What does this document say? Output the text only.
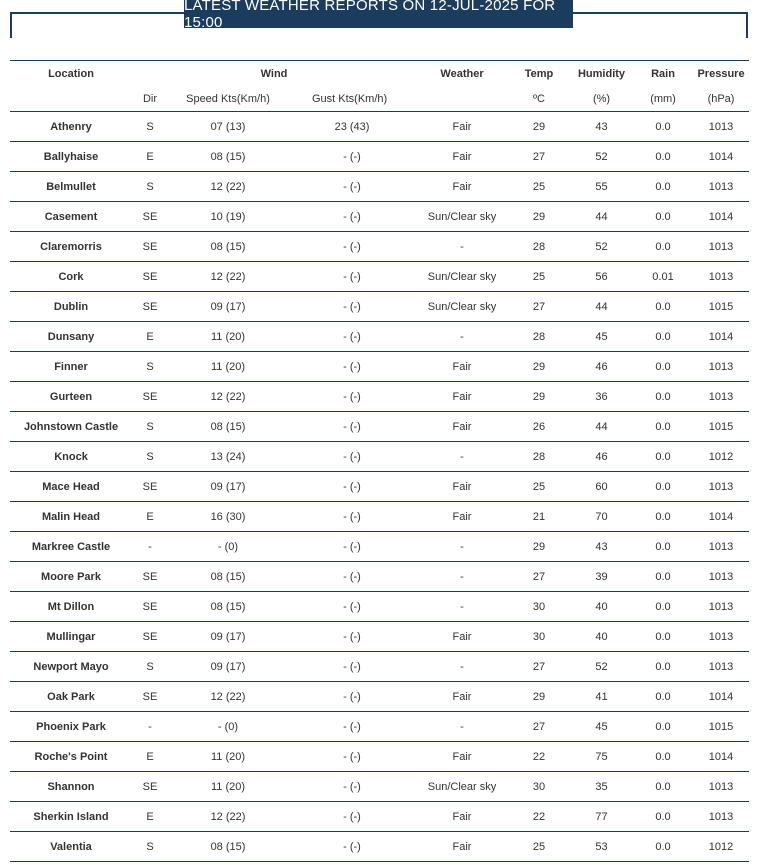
LATEST WEATHER REPORTS ON 12-JUL-2025 FOR 15:00
Location	Wind			Weather	Temp	Humidity	Rain	Pressure
	Dir	Speed Kts(Km/h)	Gust Kts(Km/h)		ºC	(%)	(mm)	(hPa)
Athenry	S	07 (13)	23 (43)	Fair	29	43	0.0	1013
Ballyhaise	E	08 (15)	- (-)	Fair	27	52	0.0	1014
Belmullet	S	12 (22)	- (-)	Fair	25	55	0.0	1013
Casement	SE	10 (19)	- (-)	Sun/Clear sky	29	44	0.0	1014
Claremorris	SE	08 (15)	- (-)	-	28	52	0.0	1013
Cork	SE	12 (22)	- (-)	Sun/Clear sky	25	56	0.01	1013
Dublin	SE	09 (17)	- (-)	Sun/Clear sky	27	44	0.0	1015
Dunsany	E	11 (20)	- (-)	-	28	45	0.0	1014
Finner	S	11 (20)	- (-)	Fair	29	46	0.0	1013
Gurteen	SE	12 (22)	- (-)	Fair	29	36	0.0	1013
Johnstown Castle	S	08 (15)	- (-)	Fair	26	44	0.0	1015
Knock	S	13 (24)	- (-)	-	28	46	0.0	1012
Mace Head	SE	09 (17)	- (-)	Fair	25	60	0.0	1013
Malin Head	E	16 (30)	- (-)	Fair	21	70	0.0	1014
Markree Castle	-	- (0)	- (-)	-	29	43	0.0	1013
Moore Park	SE	08 (15)	- (-)	-	27	39	0.0	1013
Mt Dillon	SE	08 (15)	- (-)	-	30	40	0.0	1013
Mullingar	SE	09 (17)	- (-)	Fair	30	40	0.0	1013
Newport Mayo	S	09 (17)	- (-)	-	27	52	0.0	1013
Oak Park	SE	12 (22)	- (-)	Fair	29	41	0.0	1014
Phoenix Park	-	- (0)	- (-)	-	27	45	0.0	1015
Roche's Point	E	11 (20)	- (-)	Fair	22	75	0.0	1014
Shannon	SE	11 (20)	- (-)	Sun/Clear sky	30	35	0.0	1013
Sherkin Island	E	12 (22)	- (-)	Fair	22	77	0.0	1013
Valentia	S	08 (15)	- (-)	Fair	25	53	0.0	1012
